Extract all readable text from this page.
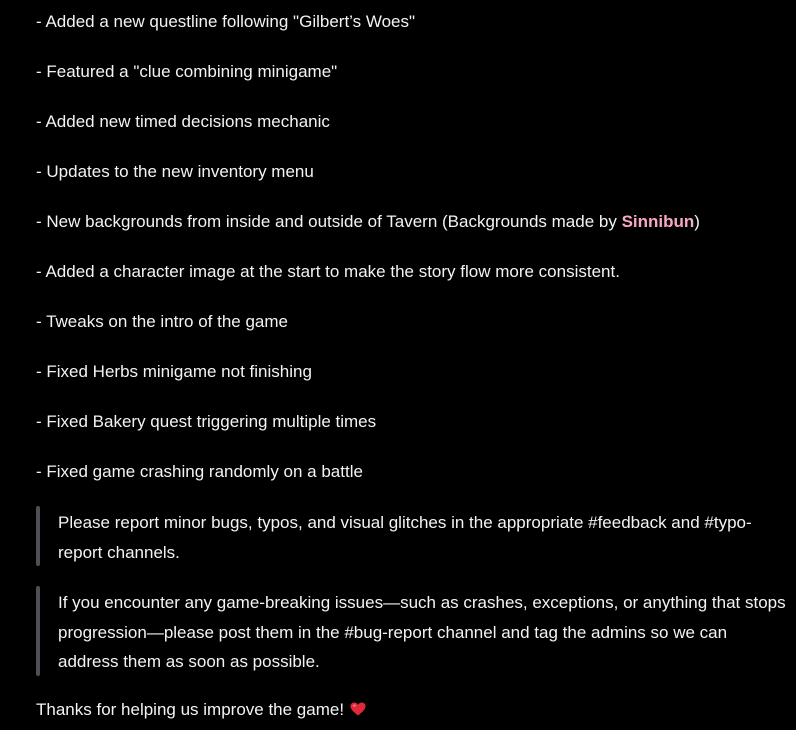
- Added a new questline following "Gilbert’s Woes"

- Featured a "clue combining minigame"

- Added new timed decisions mechanic

- Updates to the new inventory menu

- New backgrounds from inside and outside of Tavern (Backgrounds made by Sinnibun)

- Added a character image at the start to make the story flow more consistent.

- Tweaks on the intro of the game

- Fixed Herbs minigame not finishing

- Fixed Bakery quest triggering multiple times

- Fixed game crashing randomly on a battle

Please report minor bugs, typos, and visual glitches in the appropriate #feedback and #typo-report channels.
If you encounter any game-breaking issues—such as crashes, exceptions, or anything that stops progression—please post them in the #bug-report channel and tag the admins so we can address them as soon as possible.

Thanks for helping us improve the game!
